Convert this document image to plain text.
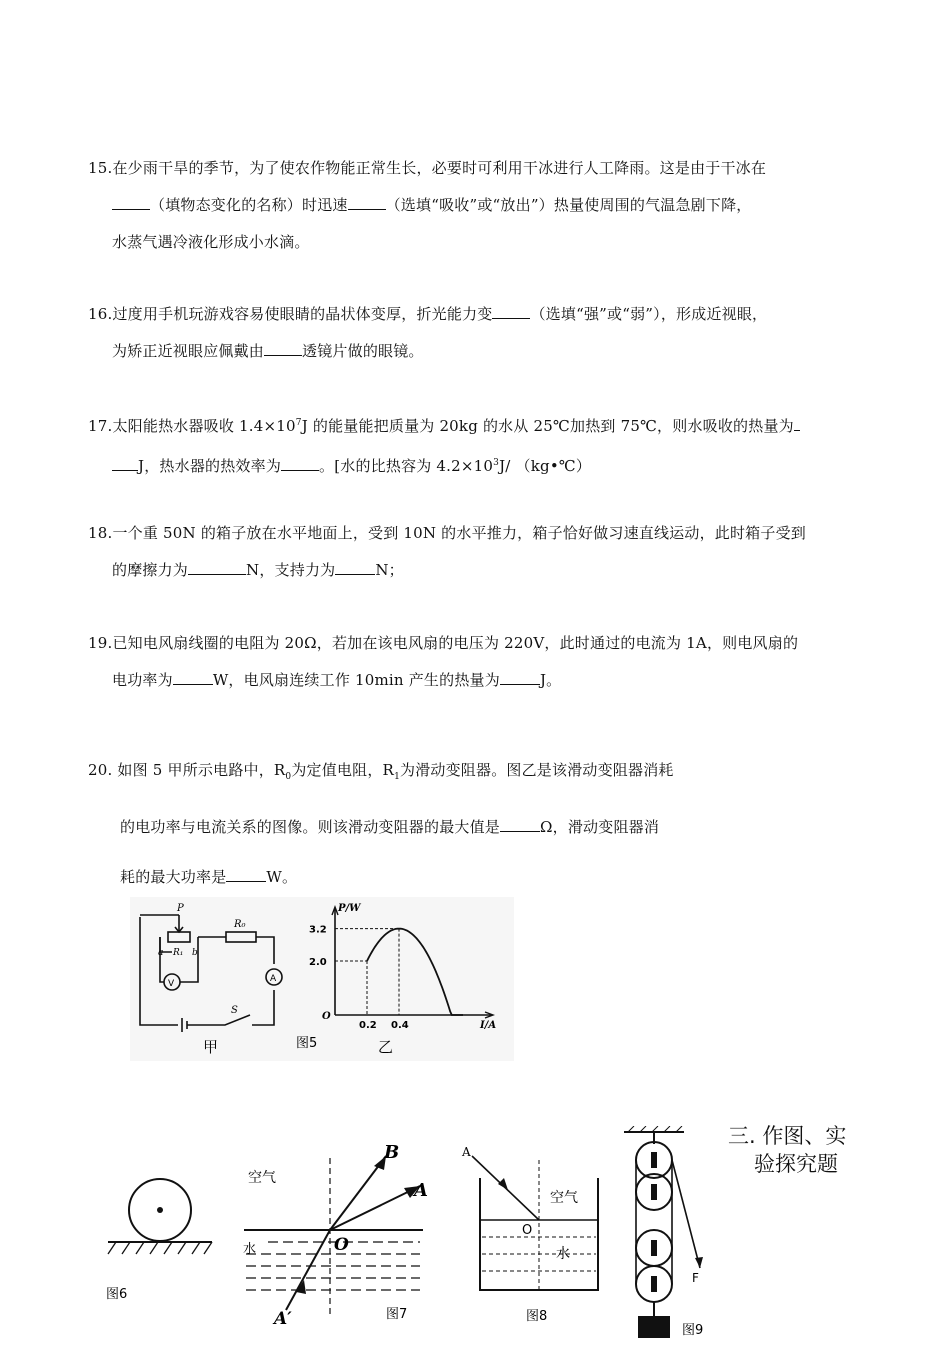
15.在少雨干旱的季节，为了使农作物能正常生长，必要时可利用干冰进行人工降雨。这是由于干冰在
（填物态变化的名称）时迅速	（选填“吸收”或“放出”）热量使周围的气温急剧下降，
水蒸气遇冷液化形成小水滴。
16.过度用手机玩游戏容易使眼睛的晶状体变厚，折光能力变	（选填“强”或“弱”），形成近视眼，
为矫正近视眼应佩戴由	透镜片做的眼镜。
17.太阳能热水器吸收 $1.4\times 10^7J$ 的能量能把质量为 20kg 的水从 25℃加热到 75℃，则水吸收的热量为
J，热水器的热效率为	。[水的比热容为 $4.2\times 10^3J/$ （kg•℃）
18.一个重 50N 的箱子放在水平地面上，受到 10N 的水平推力，箱子恰好做习速直线运动，此时箱子受到
的摩擦力为	N，支持力为	N；
19.已知电风扇线圈的电阻为 20Ω，若加在该电风扇的电压为 220V，此时通过的电流为 1A，则电风扇的
电功率为	W，电风扇连续工作 10min 产生的热量为	J。
20. 如图 5 甲所示电路中，$R_0$为定值电阻，$R_1$为滑动变阻器。图乙是该滑动变阻器消耗
的电功率与电流关系的图像。则该滑动变阻器的最大值是	Ω，滑动变阻器消
耗的最大功率是	W。
P
R₀
a R₁ b
V	A
S
甲	图5	乙
P/W
I/A
O
0.2 0.4
2.0
3.2
图6
空气
水
B
A
O
A′	图7
A
空气
O
水
图8
F
图9
三. 作图、实
验探究题
